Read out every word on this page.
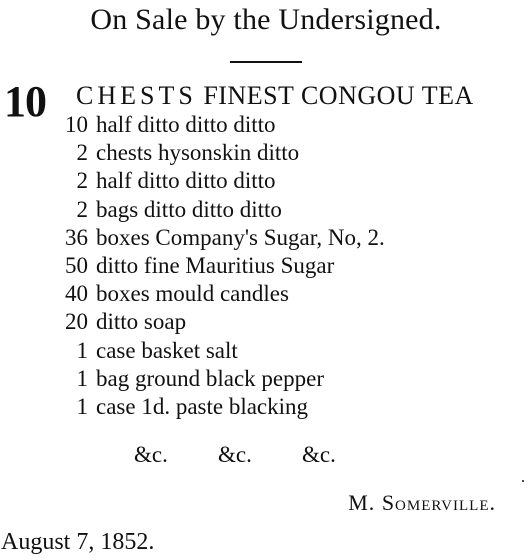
On Sale by the Undersigned.
10 CHESTS FINEST CONGOU TEA
10 half ditto ditto ditto
2 chests hysonskin ditto
2 half ditto ditto ditto
2 bags ditto ditto ditto
36 boxes Company's Sugar, No, 2.
50 ditto fine Mauritius Sugar
40 boxes mould candles
20 ditto soap
1 case basket salt
1 bag ground black pepper
1 case 1d. paste blacking
&c. &c. &c.
M. Somerville.
August 7, 1852.
